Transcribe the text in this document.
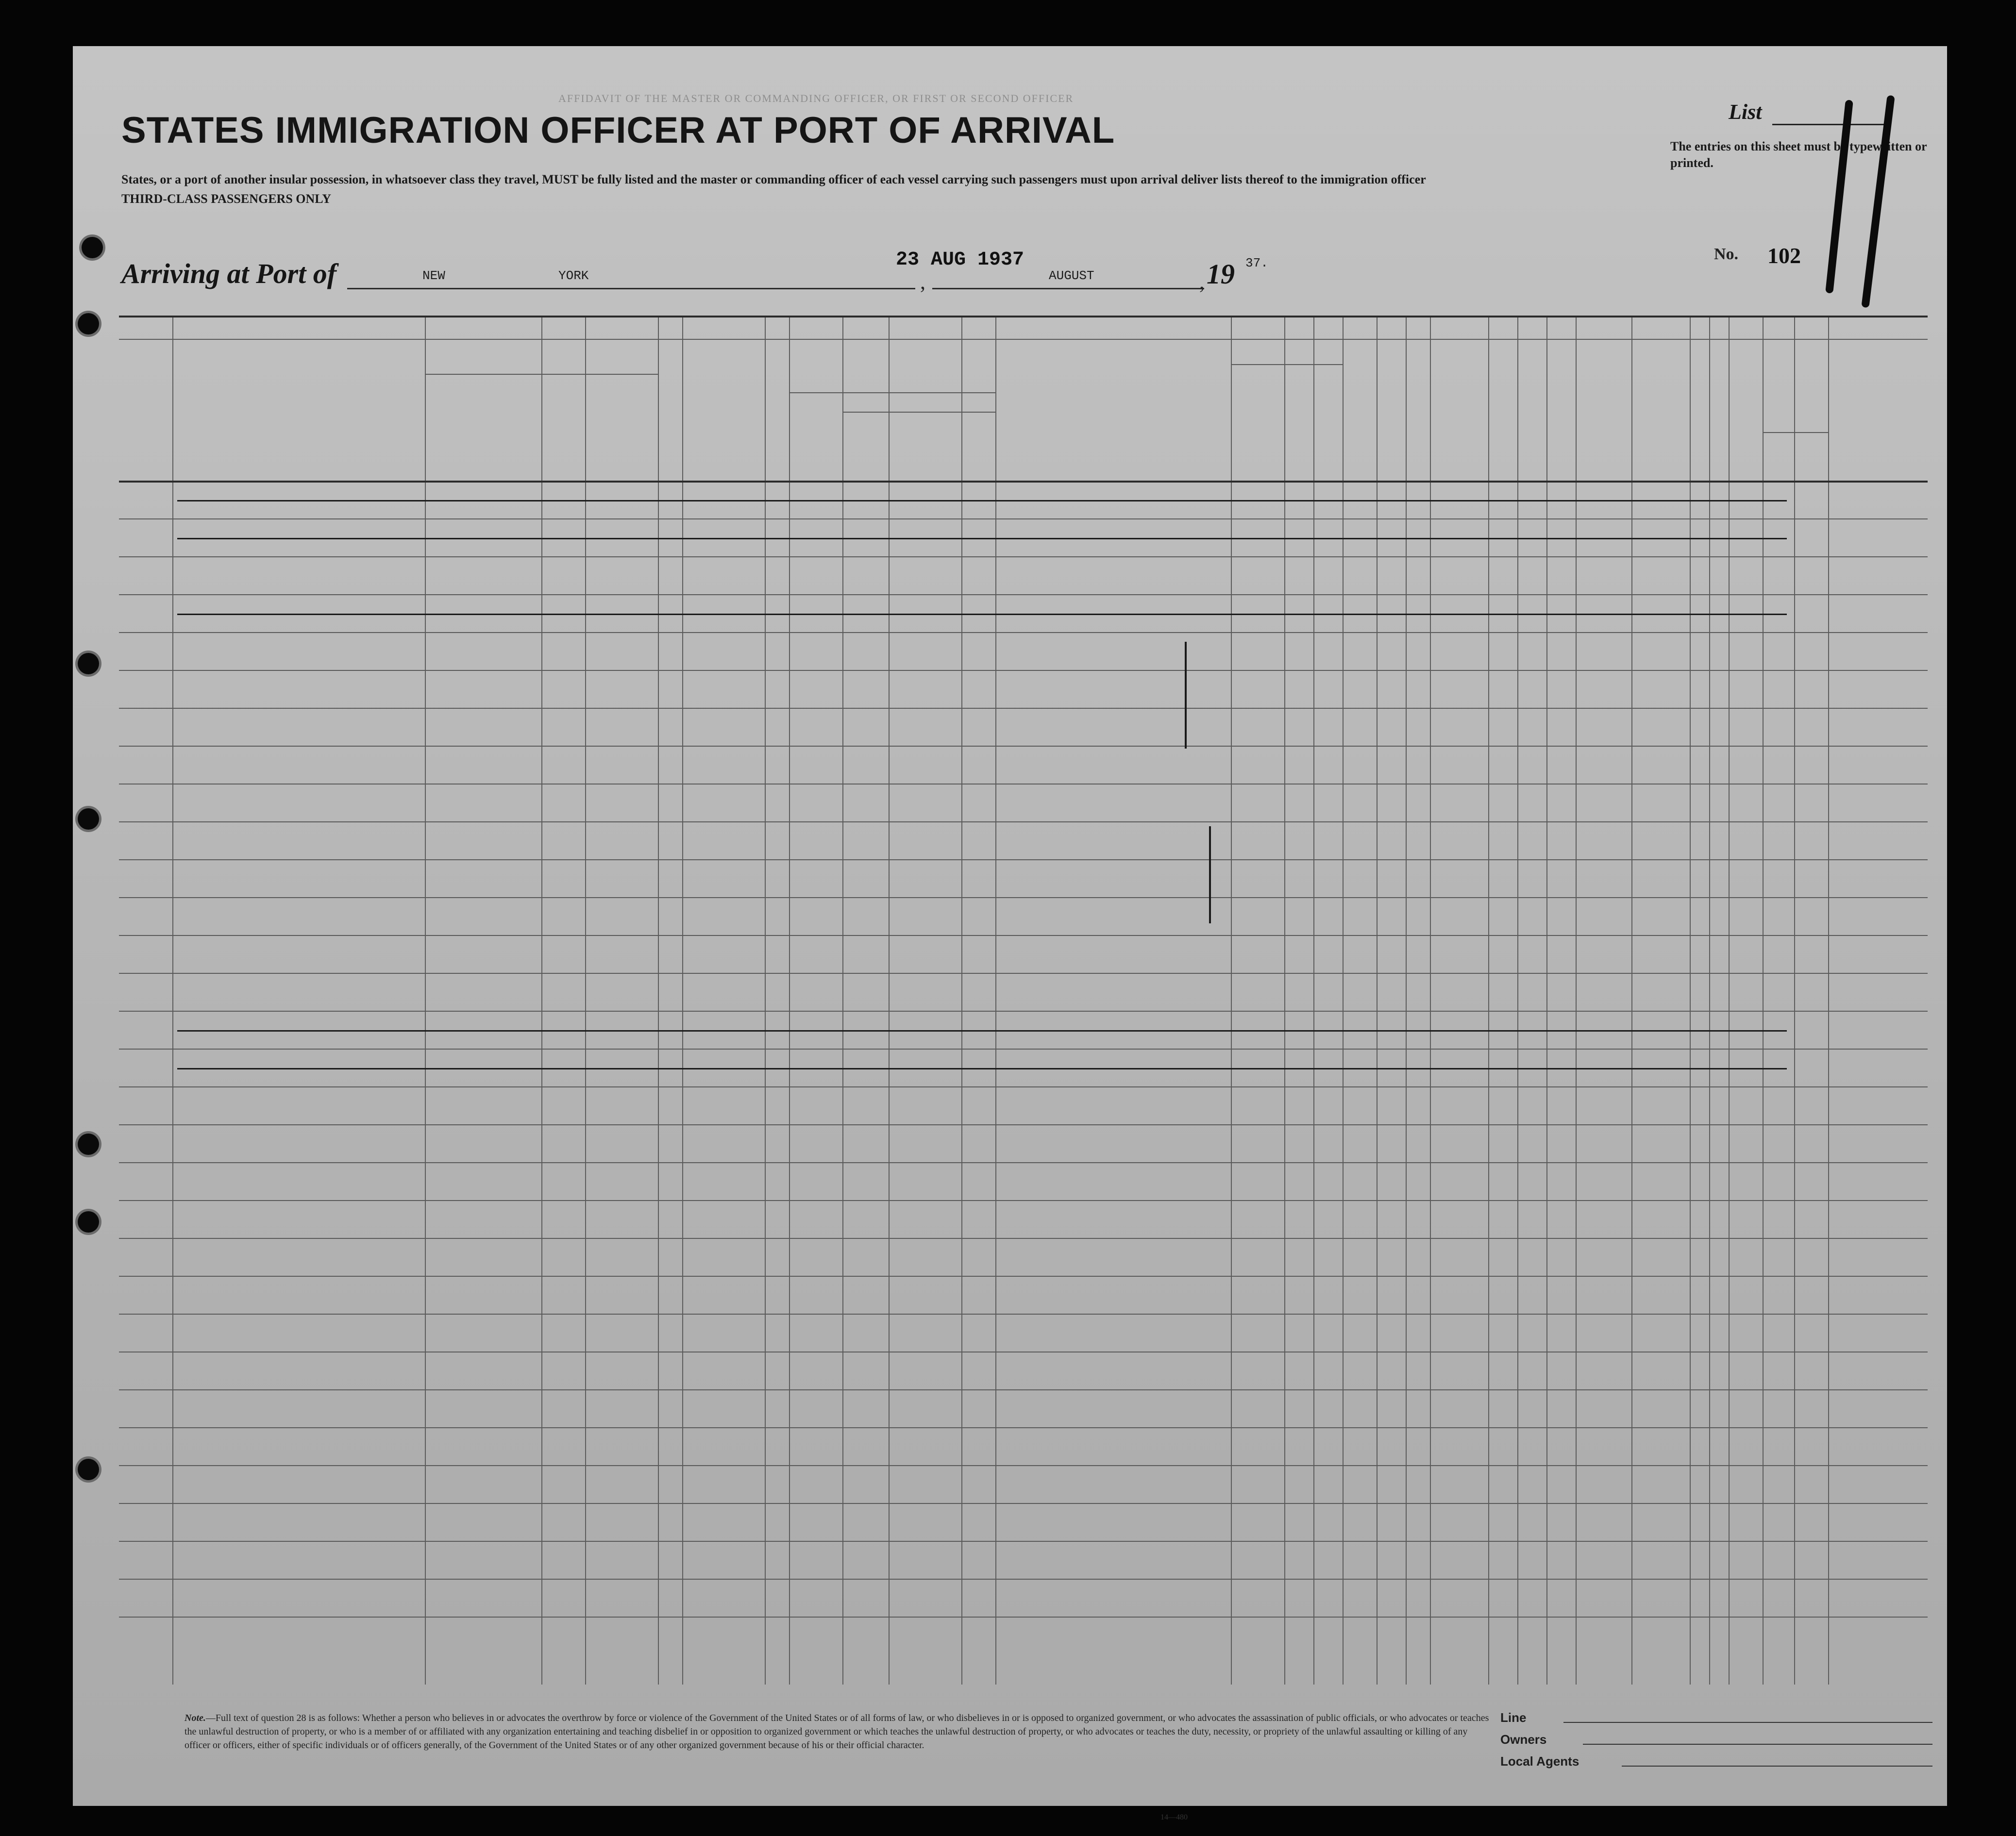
AFFIDAVIT OF THE MASTER OR COMMANDING OFFICER, OR FIRST OR SECOND OFFICER
STATES IMMIGRATION OFFICER AT PORT OF ARRIVAL
States, or a port of another insular possession, in whatsoever class they travel, MUST be fully listed and the master or commanding officer of each vessel carrying such passengers must upon arrival deliver lists thereof to the immigration officer
THIRD-CLASS PASSENGERS ONLY
List
The entries on this sheet must be typewritten or printed.
No. 102
Arriving at Port of	NEW	YORK
23 AUG 1937
,	AUGUST	, 19 37.
Note.—Full text of question 28 is as follows: Whether a person who believes in or advocates the overthrow by force or violence of the Government of the United States or of all forms of law, or who disbelieves in or is opposed to organized government, or who advocates the assassination of public officials, or who advocates or teaches the unlawful destruction of property, or who is a member of or affiliated with any organization entertaining and teaching disbelief in or opposition to organized government or which teaches the unlawful destruction of property, or who advocates or teaches the duty, necessity, or propriety of the unlawful assaulting or killing of any officer or officers, either of specific individuals or of officers generally, of the Government of the United States or of any other organized government because of his or their official character.
Line
Owners
Local Agents
14—480
